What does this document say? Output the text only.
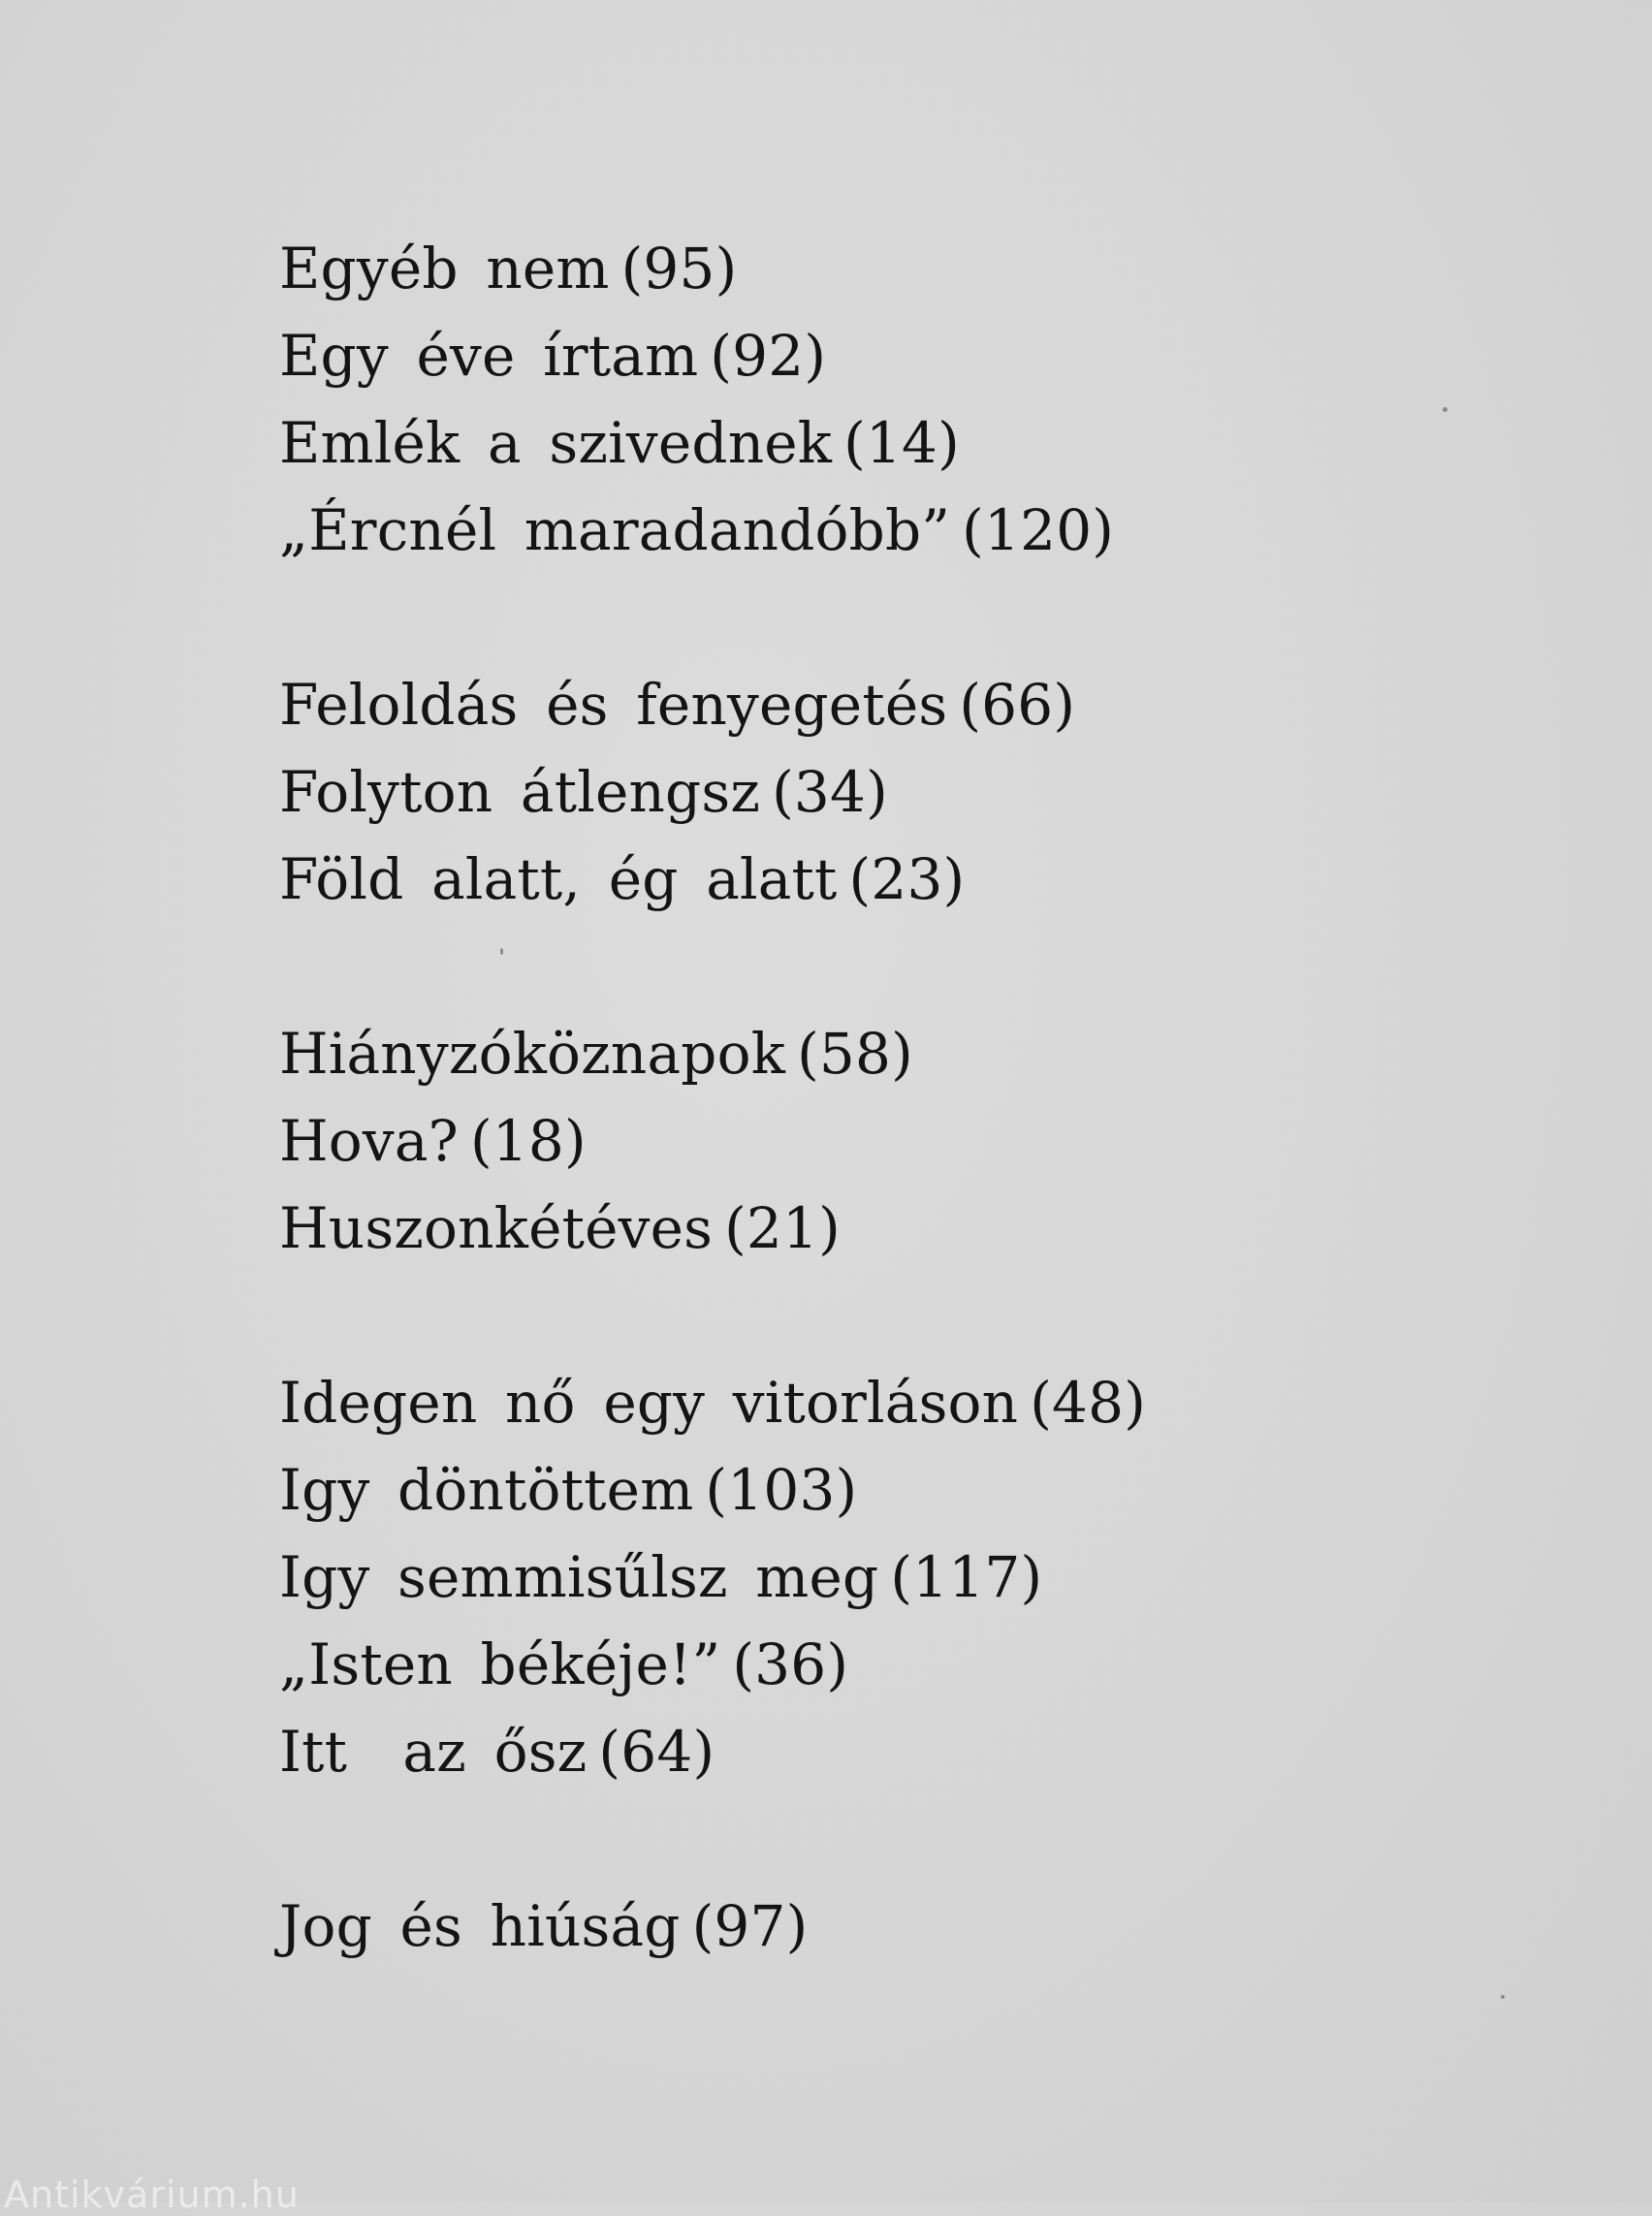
Egyéb nem (95)
Egy éve írtam (92)
Emlék a szivednek (14)
„Ércnél maradandóbb” (120)
Feloldás és fenyegetés (66)
Folyton átlengsz (34)
Föld alatt, ég alatt (23)
Hiányzóköznapok (58)
Hova? (18)
Huszonkétéves (21)
Idegen nő egy vitorláson (48)
Igy döntöttem (103)
Igy semmisűlsz meg (117)
„Isten békéje!” (36)
Itt  az ősz (64)
Jog és hiúság (97)
Antikvárium.hu
